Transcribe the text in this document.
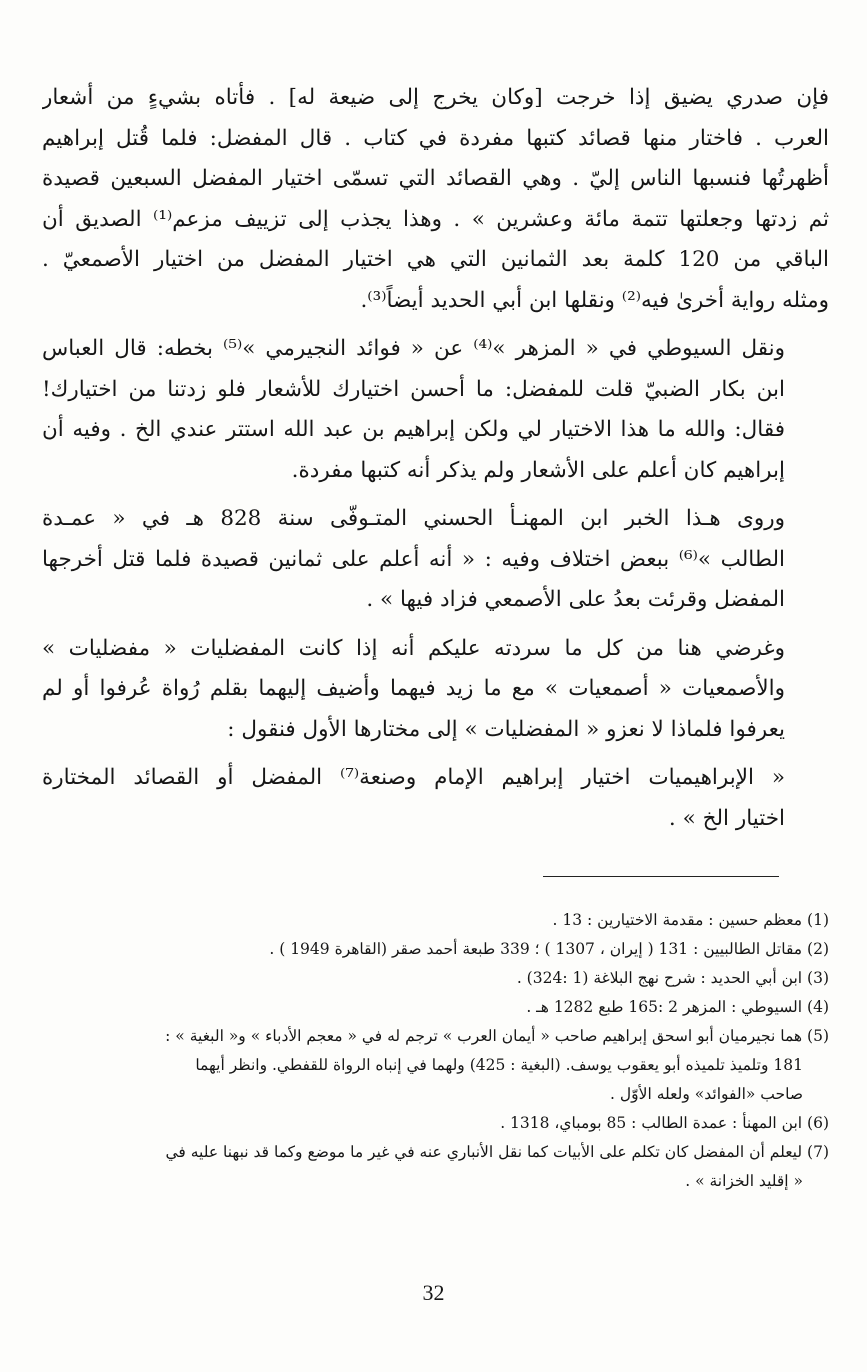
فإن صدري يضيق إذا خرجت [وكان يخرج إلى ضيعة له] . فأتاه بشيءٍ من أشعار
العرب . فاختار منها قصائد كتبها مفردة في كتاب . قال المفضل: فلما قُتل إبراهيم
أظهرتُها فنسبها الناس إليّ . وهي القصائد التي تسمّى اختيار المفضل السبعين قصيدة
ثم زدتها وجعلتها تتمة مائة وعشرين » . وهذا يجذب إلى تزييف مزعم⁽¹⁾ الصديق أن
الباقي من 120 كلمة بعد الثمانين التي هي اختيار المفضل من اختيار الأصمعيّ .
ومثله رواية أخرىٰ فيه⁽²⁾ ونقلها ابن أبي الحديد أيضاً⁽³⁾.
ونقل السيوطي في « المزهر »⁽⁴⁾ عن « فوائد النجيرمي »⁽⁵⁾ بخطه: قال العباس
ابن بكار الضبيّ قلت للمفضل: ما أحسن اختيارك للأشعار فلو زدتنا من اختيارك!
فقال: والله ما هذا الاختيار لي ولكن إبراهيم بن عبد الله استتر عندي الخ . وفيه أن
إبراهيم كان أعلم على الأشعار ولم يذكر أنه كتبها مفردة.
وروى هـذا الخبر ابن المهنـأ الحسني المتـوفّى سنة 828 هـ في « عمـدة
الطالب »⁽⁶⁾ ببعض اختلاف وفيه : « أنه أعلم على ثمانين قصيدة فلما قتل أخرجها
المفضل وقرئت بعدُ على الأصمعي فزاد فيها » .
وغرضي هنا من كل ما سردته عليكم أنه إذا كانت المفضليات « مفضليات »
والأصمعيات « أصمعيات » مع ما زيد فيهما وأضيف إليهما بقلم رُواة عُرفوا أو لم
يعرفوا فلماذا لا نعزو « المفضليات » إلى مختارها الأول فنقول :
« الإبراهيميات اختيار إبراهيم الإمام وصنعة⁽⁷⁾ المفضل أو القصائد المختارة
اختيار الخ » .
(1) معظم حسين : مقدمة الاختيارين : 13 .
(2) مقاتل الطالبيين : 131 ( إيران ، 1307 ) ؛ 339 طبعة أحمد صقر (القاهرة 1949 ) .
(3) ابن أبي الحديد : شرح نهج البلاغة (1 :324) .
(4) السيوطي : المزهر 2 :165 طبع 1282 هـ .
(5) هما نجيرميان أبو اسحق إبراهيم صاحب « أيمان العرب » ترجم له في « معجم الأدباء » و« البغية » :
181 وتلميذ تلميذه أبو يعقوب يوسف. (البغية : 425) ولهما في إنباه الرواة للقفطي. وانظر أيهما
صاحب «الفوائد» ولعله الأوّل .
(6) ابن المهنأ : عمدة الطالب : 85 بومباي، 1318 .
(7) ليعلم أن المفضل كان تكلم على الأبيات كما نقل الأنباري عنه في غير ما موضع وكما قد نبهنا عليه في
« إقليد الخزانة » .
32
